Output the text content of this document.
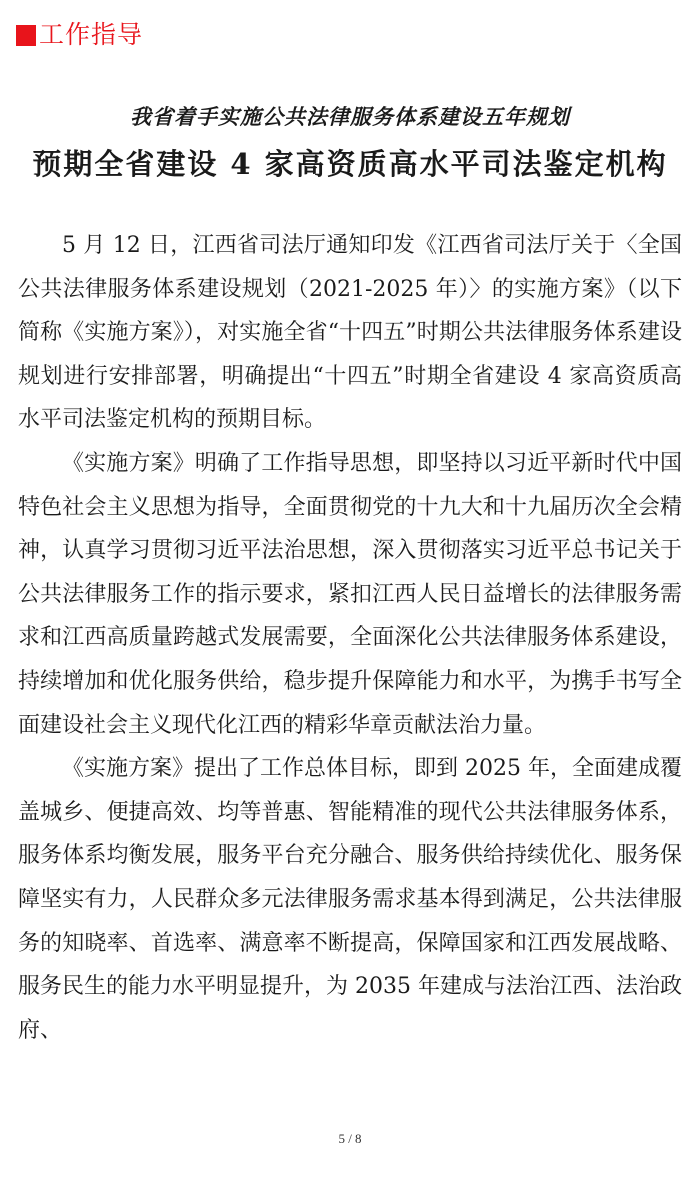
工作指导
我省着手实施公共法律服务体系建设五年规划
预期全省建设 4 家高资质高水平司法鉴定机构

5 月 12 日，江西省司法厅通知印发《江西省司法厅关于〈全国公共法律服务体系建设规划（2021-2025 年）〉的实施方案》（以下简称《实施方案》），对实施全省“十四五”时期公共法律服务体系建设规划进行安排部署，明确提出“十四五”时期全省建设 4 家高资质高水平司法鉴定机构的预期目标。

《实施方案》明确了工作指导思想，即坚持以习近平新时代中国特色社会主义思想为指导，全面贯彻党的十九大和十九届历次全会精神，认真学习贯彻习近平法治思想，深入贯彻落实习近平总书记关于公共法律服务工作的指示要求，紧扣江西人民日益增长的法律服务需求和江西高质量跨越式发展需要，全面深化公共法律服务体系建设，持续增加和优化服务供给，稳步提升保障能力和水平，为携手书写全面建设社会主义现代化江西的精彩华章贡献法治力量。

《实施方案》提出了工作总体目标，即到 2025 年，全面建成覆盖城乡、便捷高效、均等普惠、智能精准的现代公共法律服务体系，服务体系均衡发展，服务平台充分融合、服务供给持续优化、服务保障坚实有力，人民群众多元法律服务需求基本得到满足，公共法律服务的知晓率、首选率、满意率不断提高，保障国家和江西发展战略、服务民生的能力水平明显提升，为 2035 年建成与法治江西、法治政府、

5 / 8
